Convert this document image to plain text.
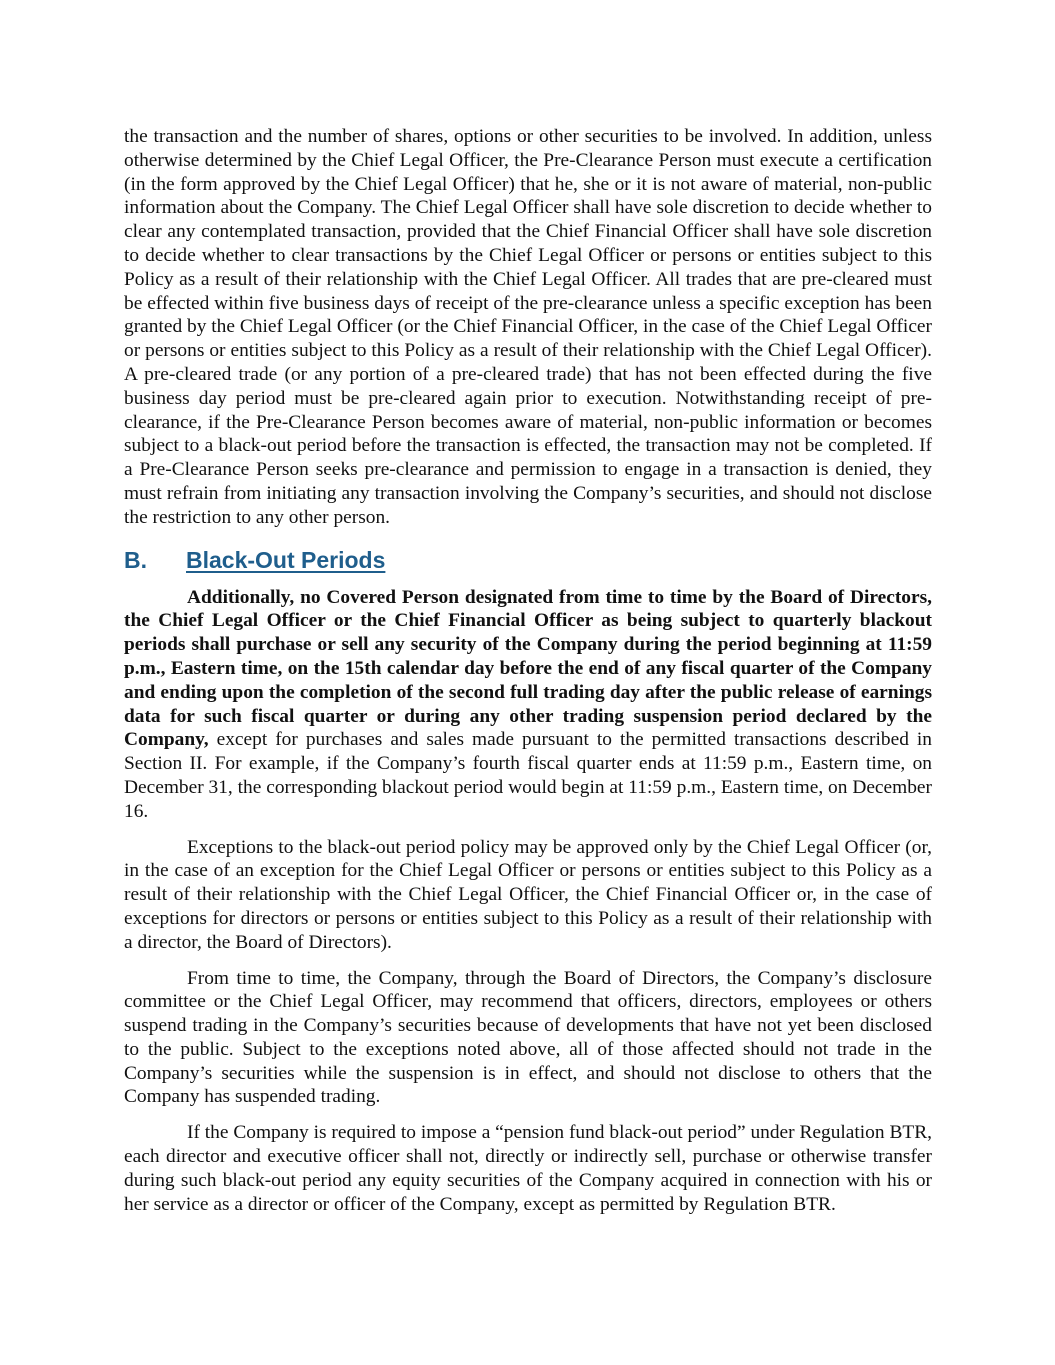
the transaction and the number of shares, options or other securities to be involved. In addition, unless otherwise determined by the Chief Legal Officer, the Pre-Clearance Person must execute a certification (in the form approved by the Chief Legal Officer) that he, she or it is not aware of material, non-public information about the Company. The Chief Legal Officer shall have sole discretion to decide whether to clear any contemplated transaction, provided that the Chief Financial Officer shall have sole discretion to decide whether to clear transactions by the Chief Legal Officer or persons or entities subject to this Policy as a result of their relationship with the Chief Legal Officer. All trades that are pre-cleared must be effected within five business days of receipt of the pre-clearance unless a specific exception has been granted by the Chief Legal Officer (or the Chief Financial Officer, in the case of the Chief Legal Officer or persons or entities subject to this Policy as a result of their relationship with the Chief Legal Officer). A pre-cleared trade (or any portion of a pre-cleared trade) that has not been effected during the five business day period must be pre-cleared again prior to execution. Notwithstanding receipt of pre-clearance, if the Pre-Clearance Person becomes aware of material, non-public information or becomes subject to a black-out period before the transaction is effected, the transaction may not be completed. If a Pre-Clearance Person seeks pre-clearance and permission to engage in a transaction is denied, they must refrain from initiating any transaction involving the Company’s securities, and should not disclose the restriction to any other person.

B. Black-Out Periods

Additionally, no Covered Person designated from time to time by the Board of Directors, the Chief Legal Officer or the Chief Financial Officer as being subject to quarterly blackout periods shall purchase or sell any security of the Company during the period beginning at 11:59 p.m., Eastern time, on the 15th calendar day before the end of any fiscal quarter of the Company and ending upon the completion of the second full trading day after the public release of earnings data for such fiscal quarter or during any other trading suspension period declared by the Company, except for purchases and sales made pursuant to the permitted transactions described in Section II. For example, if the Company’s fourth fiscal quarter ends at 11:59 p.m., Eastern time, on December 31, the corresponding blackout period would begin at 11:59 p.m., Eastern time, on December 16.

Exceptions to the black-out period policy may be approved only by the Chief Legal Officer (or, in the case of an exception for the Chief Legal Officer or persons or entities subject to this Policy as a result of their relationship with the Chief Legal Officer, the Chief Financial Officer or, in the case of exceptions for directors or persons or entities subject to this Policy as a result of their relationship with a director, the Board of Directors).

From time to time, the Company, through the Board of Directors, the Company’s disclosure committee or the Chief Legal Officer, may recommend that officers, directors, employees or others suspend trading in the Company’s securities because of developments that have not yet been disclosed to the public. Subject to the exceptions noted above, all of those affected should not trade in the Company’s securities while the suspension is in effect, and should not disclose to others that the Company has suspended trading.

If the Company is required to impose a “pension fund black-out period” under Regulation BTR, each director and executive officer shall not, directly or indirectly sell, purchase or otherwise transfer during such black-out period any equity securities of the Company acquired in connection with his or her service as a director or officer of the Company, except as permitted by Regulation BTR.
